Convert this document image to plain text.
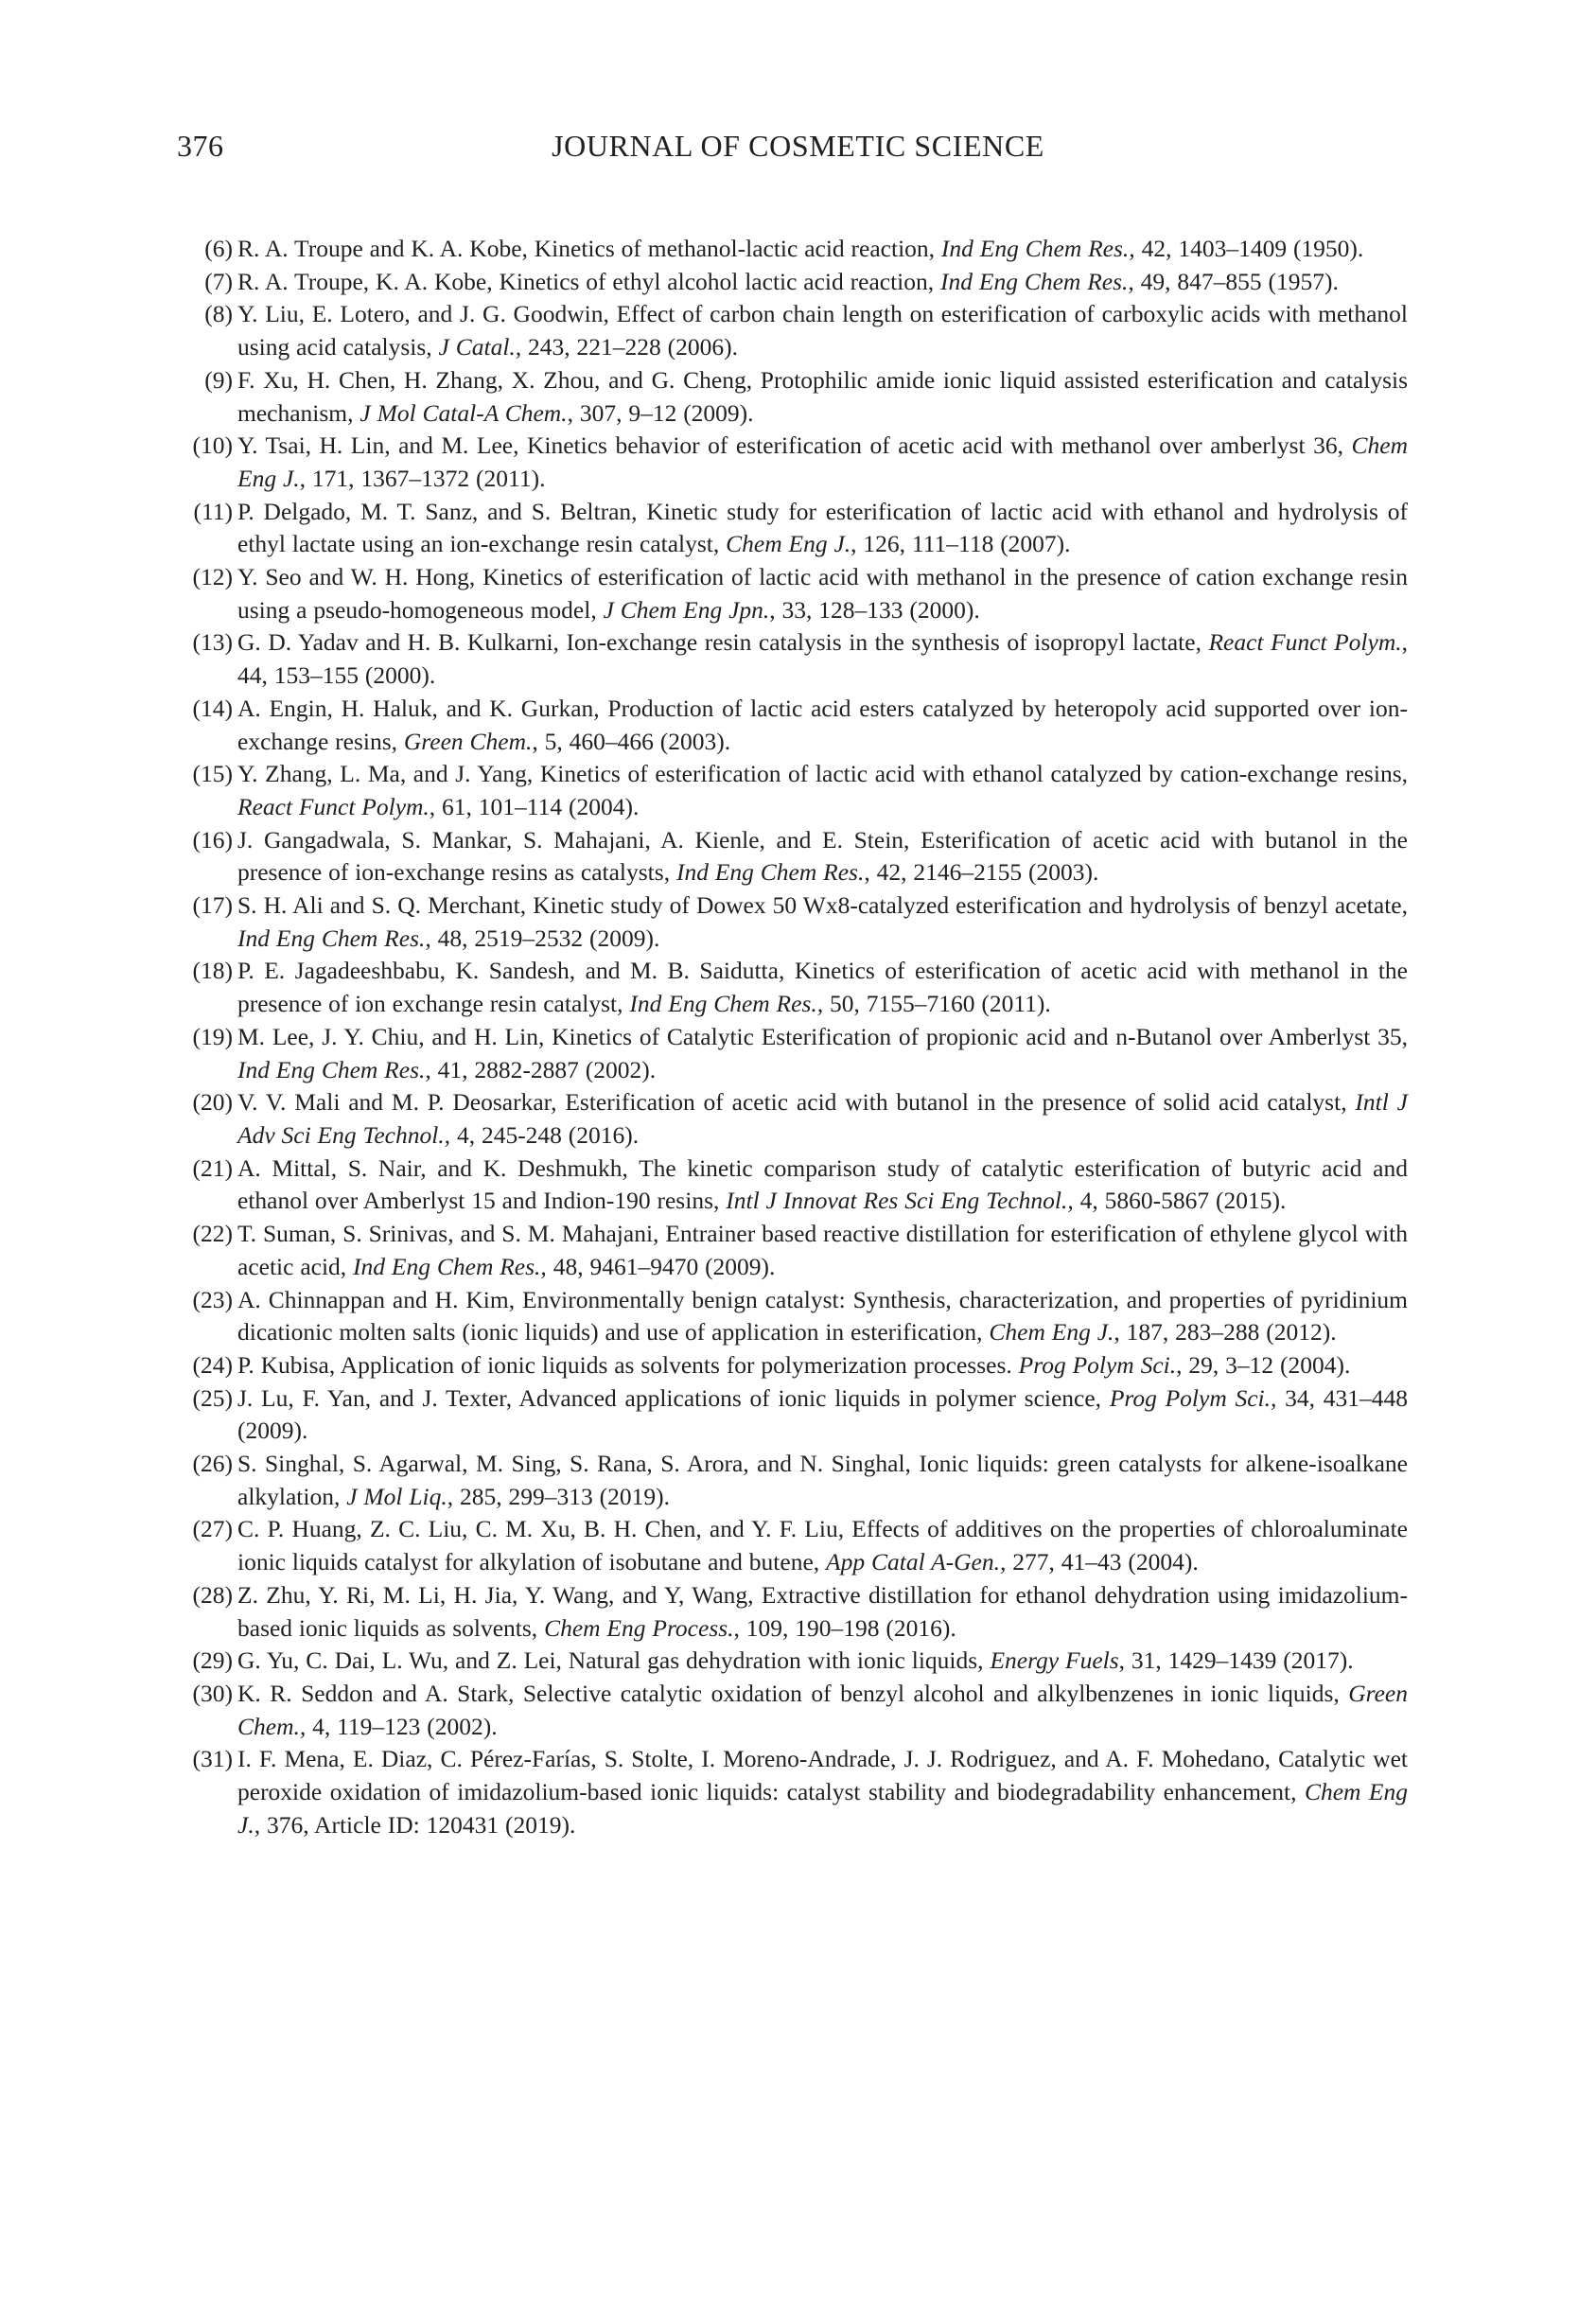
376	JOURNAL OF COSMETIC SCIENCE
(6) R. A. Troupe and K. A. Kobe, Kinetics of methanol-lactic acid reaction, Ind Eng Chem Res., 42, 1403–1409 (1950).
(7) R. A. Troupe, K. A. Kobe, Kinetics of ethyl alcohol lactic acid reaction, Ind Eng Chem Res., 49, 847–855 (1957).
(8) Y. Liu, E. Lotero, and J. G. Goodwin, Effect of carbon chain length on esterification of carboxylic acids with methanol using acid catalysis, J Catal., 243, 221–228 (2006).
(9) F. Xu, H. Chen, H. Zhang, X. Zhou, and G. Cheng, Protophilic amide ionic liquid assisted esterification and catalysis mechanism, J Mol Catal-A Chem., 307, 9–12 (2009).
(10) Y. Tsai, H. Lin, and M. Lee, Kinetics behavior of esterification of acetic acid with methanol over amberlyst 36, Chem Eng J., 171, 1367–1372 (2011).
(11) P. Delgado, M. T. Sanz, and S. Beltran, Kinetic study for esterification of lactic acid with ethanol and hydrolysis of ethyl lactate using an ion-exchange resin catalyst, Chem Eng J., 126, 111–118 (2007).
(12) Y. Seo and W. H. Hong, Kinetics of esterification of lactic acid with methanol in the presence of cation exchange resin using a pseudo-homogeneous model, J Chem Eng Jpn., 33, 128–133 (2000).
(13) G. D. Yadav and H. B. Kulkarni, Ion-exchange resin catalysis in the synthesis of isopropyl lactate, React Funct Polym., 44, 153–155 (2000).
(14) A. Engin, H. Haluk, and K. Gurkan, Production of lactic acid esters catalyzed by heteropoly acid supported over ion-exchange resins, Green Chem., 5, 460–466 (2003).
(15) Y. Zhang, L. Ma, and J. Yang, Kinetics of esterification of lactic acid with ethanol catalyzed by cation-exchange resins, React Funct Polym., 61, 101–114 (2004).
(16) J. Gangadwala, S. Mankar, S. Mahajani, A. Kienle, and E. Stein, Esterification of acetic acid with butanol in the presence of ion-exchange resins as catalysts, Ind Eng Chem Res., 42, 2146–2155 (2003).
(17) S. H. Ali and S. Q. Merchant, Kinetic study of Dowex 50 Wx8-catalyzed esterification and hydrolysis of benzyl acetate, Ind Eng Chem Res., 48, 2519–2532 (2009).
(18) P. E. Jagadeeshbabu, K. Sandesh, and M. B. Saidutta, Kinetics of esterification of acetic acid with methanol in the presence of ion exchange resin catalyst, Ind Eng Chem Res., 50, 7155–7160 (2011).
(19) M. Lee, J. Y. Chiu, and H. Lin, Kinetics of Catalytic Esterification of propionic acid and n-Butanol over Amberlyst 35, Ind Eng Chem Res., 41, 2882-2887 (2002).
(20) V. V. Mali and M. P. Deosarkar, Esterification of acetic acid with butanol in the presence of solid acid catalyst, Intl J Adv Sci Eng Technol., 4, 245-248 (2016).
(21) A. Mittal, S. Nair, and K. Deshmukh, The kinetic comparison study of catalytic esterification of butyric acid and ethanol over Amberlyst 15 and Indion-190 resins, Intl J Innovat Res Sci Eng Technol., 4, 5860-5867 (2015).
(22) T. Suman, S. Srinivas, and S. M. Mahajani, Entrainer based reactive distillation for esterification of ethylene glycol with acetic acid, Ind Eng Chem Res., 48, 9461–9470 (2009).
(23) A. Chinnappan and H. Kim, Environmentally benign catalyst: Synthesis, characterization, and properties of pyridinium dicationic molten salts (ionic liquids) and use of application in esterification, Chem Eng J., 187, 283–288 (2012).
(24) P. Kubisa, Application of ionic liquids as solvents for polymerization processes. Prog Polym Sci., 29, 3–12 (2004).
(25) J. Lu, F. Yan, and J. Texter, Advanced applications of ionic liquids in polymer science, Prog Polym Sci., 34, 431–448 (2009).
(26) S. Singhal, S. Agarwal, M. Sing, S. Rana, S. Arora, and N. Singhal, Ionic liquids: green catalysts for alkene-isoalkane alkylation, J Mol Liq., 285, 299–313 (2019).
(27) C. P. Huang, Z. C. Liu, C. M. Xu, B. H. Chen, and Y. F. Liu, Effects of additives on the properties of chloroaluminate ionic liquids catalyst for alkylation of isobutane and butene, App Catal A-Gen., 277, 41–43 (2004).
(28) Z. Zhu, Y. Ri, M. Li, H. Jia, Y. Wang, and Y, Wang, Extractive distillation for ethanol dehydration using imidazolium-based ionic liquids as solvents, Chem Eng Process., 109, 190–198 (2016).
(29) G. Yu, C. Dai, L. Wu, and Z. Lei, Natural gas dehydration with ionic liquids, Energy Fuels, 31, 1429–1439 (2017).
(30) K. R. Seddon and A. Stark, Selective catalytic oxidation of benzyl alcohol and alkylbenzenes in ionic liquids, Green Chem., 4, 119–123 (2002).
(31) I. F. Mena, E. Diaz, C. Pérez-Farías, S. Stolte, I. Moreno-Andrade, J. J. Rodriguez, and A. F. Mohedano, Catalytic wet peroxide oxidation of imidazolium-based ionic liquids: catalyst stability and biodegradability enhancement, Chem Eng J., 376, Article ID: 120431 (2019).
